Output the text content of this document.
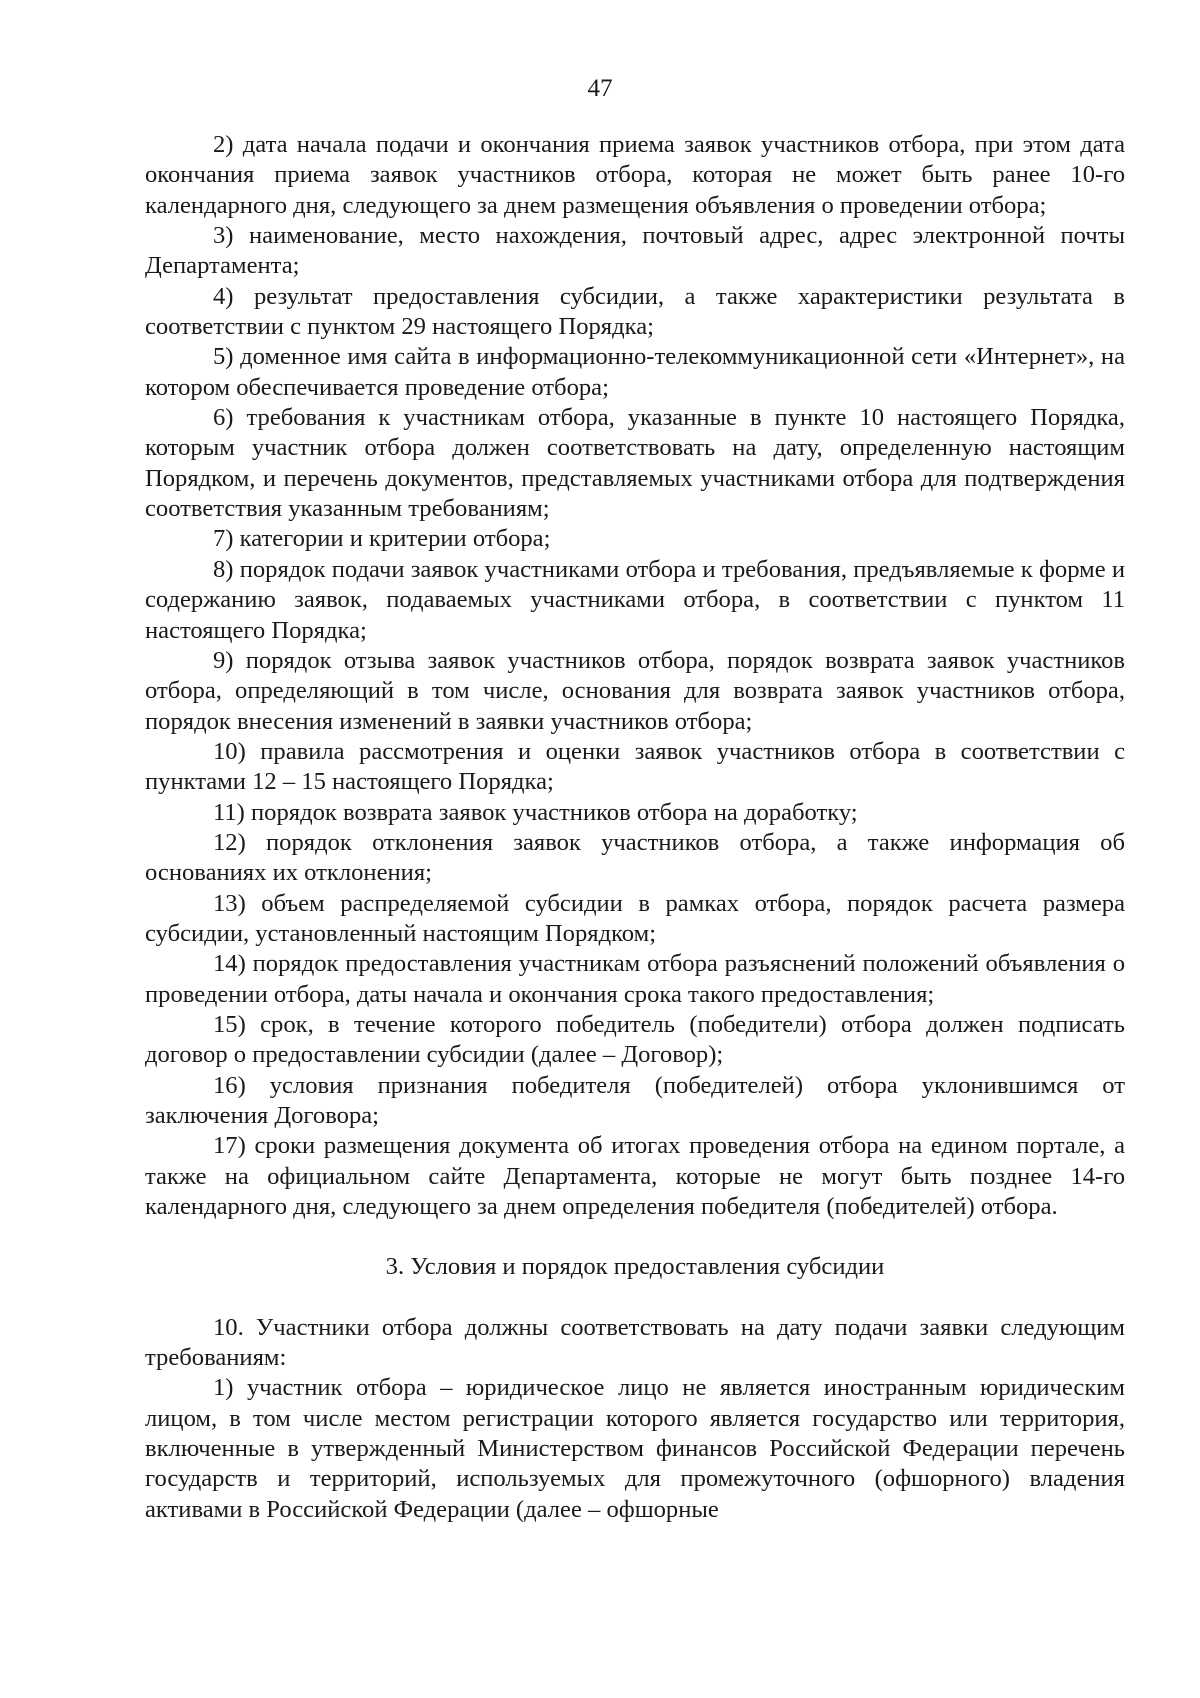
47

2) дата начала подачи и окончания приема заявок участников отбора, при этом дата окончания приема заявок участников отбора, которая не может быть ранее 10-го календарного дня, следующего за днем размещения объявления о проведении отбора;

3) наименование, место нахождения, почтовый адрес, адрес электронной почты Департамента;

4) результат предоставления субсидии, а также характеристики результата в соответствии с пунктом 29 настоящего Порядка;

5) доменное имя сайта в информационно-телекоммуникационной сети «Интернет», на котором обеспечивается проведение отбора;

6) требования к участникам отбора, указанные в пункте 10 настоящего Порядка, которым участник отбора должен соответствовать на дату, определенную настоящим Порядком, и перечень документов, представляемых участниками отбора для подтверждения соответствия указанным требованиям;

7) категории и критерии отбора;

8) порядок подачи заявок участниками отбора и требования, предъявляемые к форме и содержанию заявок, подаваемых участниками отбора, в соответствии с пунктом 11 настоящего Порядка;

9) порядок отзыва заявок участников отбора, порядок возврата заявок участников отбора, определяющий в том числе, основания для возврата заявок участников отбора, порядок внесения изменений в заявки участников отбора;

10) правила рассмотрения и оценки заявок участников отбора в соответствии с пунктами 12 – 15 настоящего Порядка;

11) порядок возврата заявок участников отбора на доработку;

12) порядок отклонения заявок участников отбора, а также информация об основаниях их отклонения;

13) объем распределяемой субсидии в рамках отбора, порядок расчета размера субсидии, установленный настоящим Порядком;

14) порядок предоставления участникам отбора разъяснений положений объявления о проведении отбора, даты начала и окончания срока такого предоставления;

15) срок, в течение которого победитель (победители) отбора должен подписать договор о предоставлении субсидии (далее – Договор);

16) условия признания победителя (победителей) отбора уклонившимся от заключения Договора;

17) сроки размещения документа об итогах проведения отбора на едином портале, а также на официальном сайте Департамента, которые не могут быть позднее 14-го календарного дня, следующего за днем определения победителя (победителей) отбора.

3. Условия и порядок предоставления субсидии

10. Участники отбора должны соответствовать на дату подачи заявки следующим требованиям:

1) участник отбора – юридическое лицо не является иностранным юридическим лицом, в том числе местом регистрации которого является государство или территория, включенные в утвержденный Министерством финансов Российской Федерации перечень государств и территорий, используемых для промежуточного (офшорного) владения активами в Российской Федерации (далее – офшорные
